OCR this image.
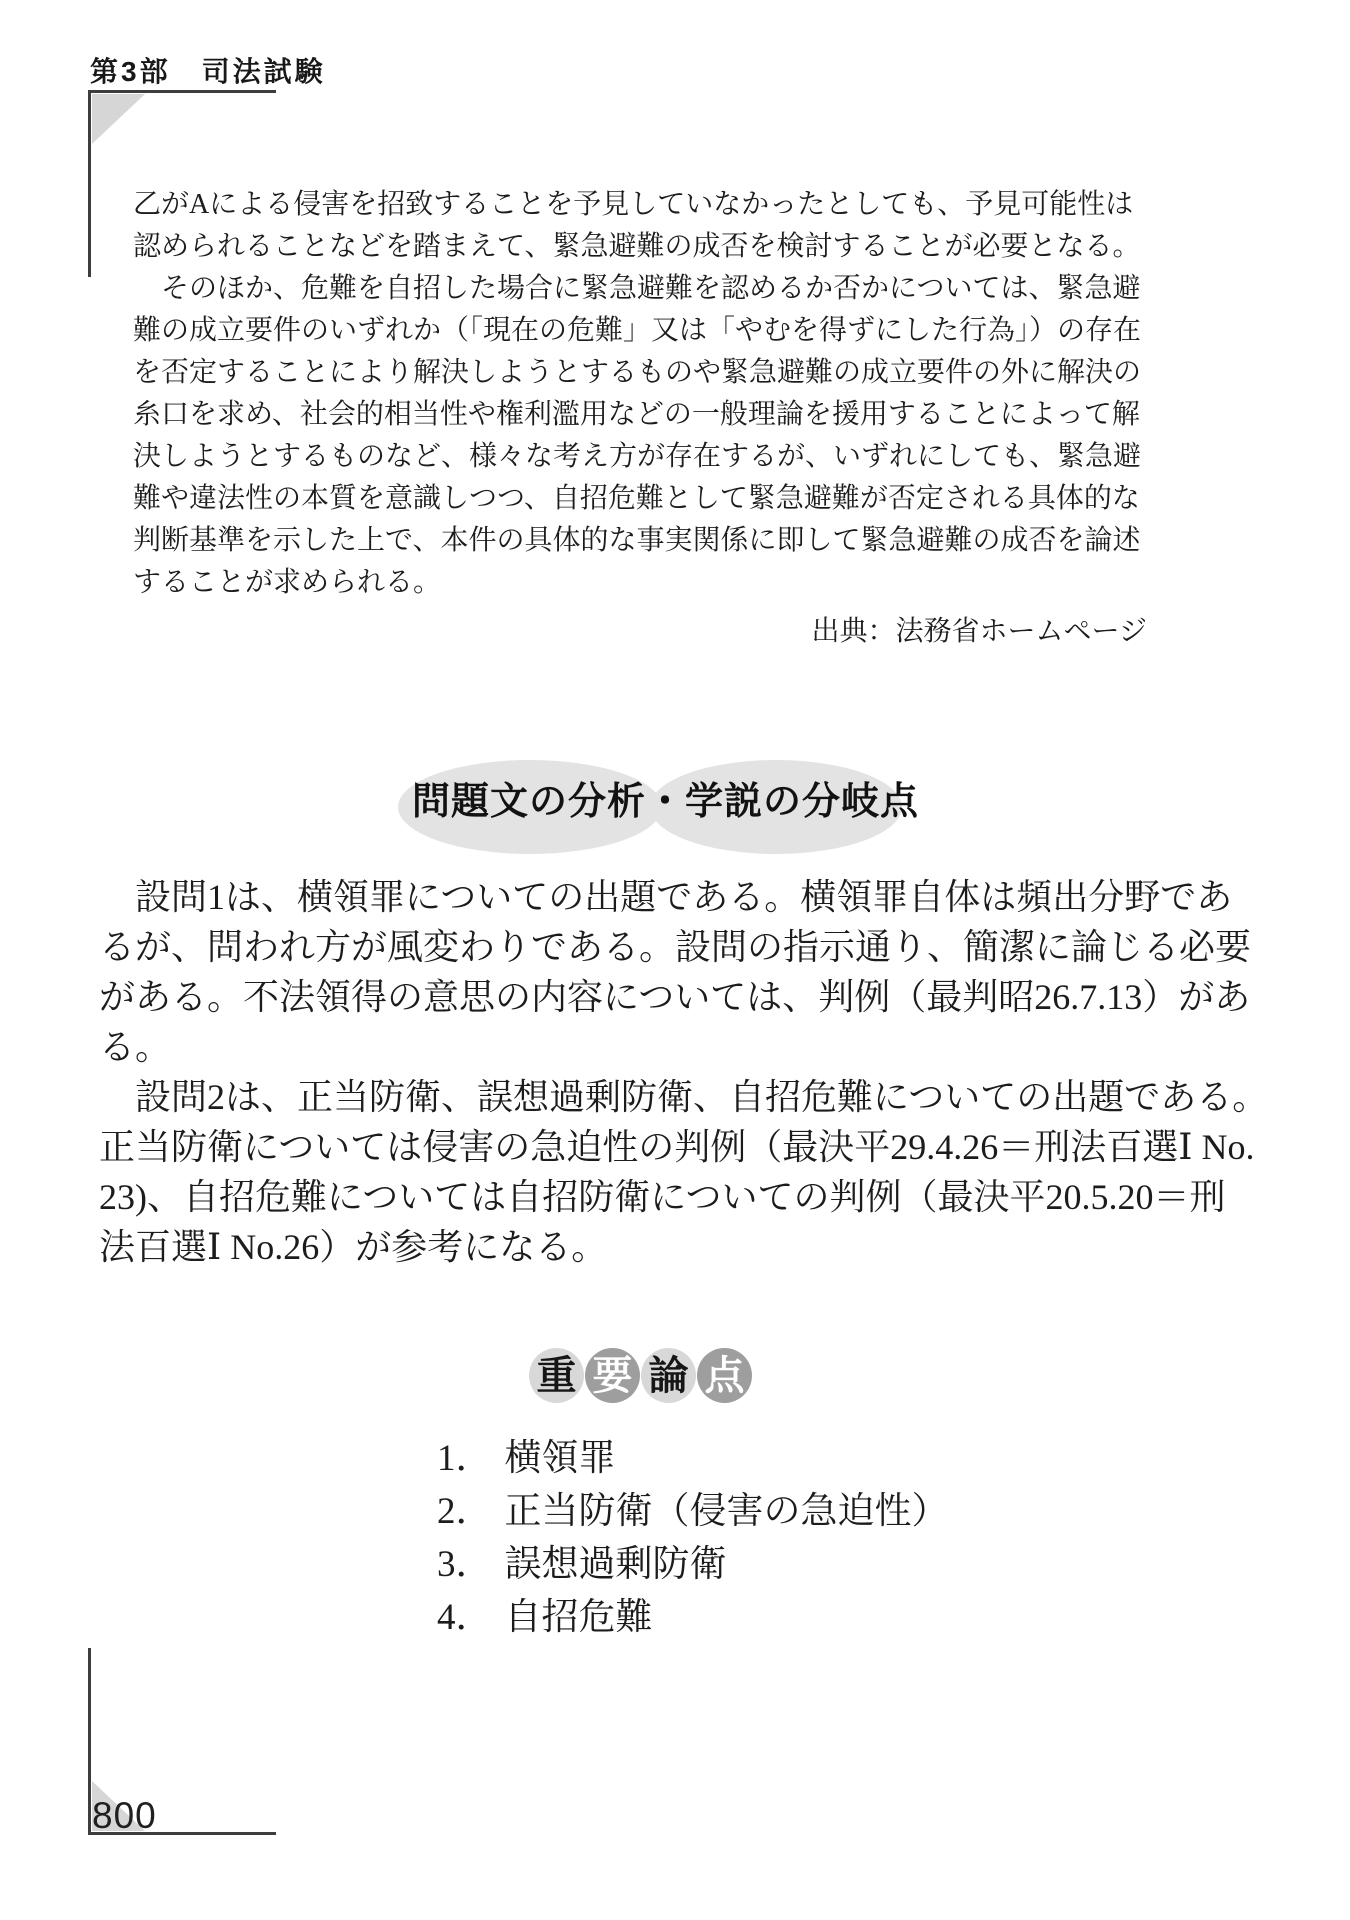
第3部　司法試験
乙がAによる侵害を招致することを予見していなかったとしても、予見可能性は
認められることなどを踏まえて、緊急避難の成否を検討することが必要となる。
　そのほか、危難を自招した場合に緊急避難を認めるか否かについては、緊急避
難の成立要件のいずれか（「現在の危難」又は「やむを得ずにした行為」）の存在
を否定することにより解決しようとするものや緊急避難の成立要件の外に解決の
糸口を求め、社会的相当性や権利濫用などの一般理論を援用することによって解
決しようとするものなど、様々な考え方が存在するが、いずれにしても、緊急避
難や違法性の本質を意識しつつ、自招危難として緊急避難が否定される具体的な
判断基準を示した上で、本件の具体的な事実関係に即して緊急避難の成否を論述
することが求められる。
出典：法務省ホームページ
問題文の分析・学説の分岐点
　設問1は、横領罪についての出題である。横領罪自体は頻出分野であ
るが、問われ方が風変わりである。設問の指示通り、簡潔に論じる必要
がある。不法領得の意思の内容については、判例（最判昭26.7.13）があ
る。
　設問2は、正当防衛、誤想過剰防衛、自招危難についての出題である。
正当防衛については侵害の急迫性の判例（最決平29.4.26＝刑法百選Ⅰ No.
23)、自招危難については自招防衛についての判例（最決平20.5.20＝刑
法百選Ⅰ No.26）が参考になる。
重 要 論 点
1． 横領罪
2． 正当防衛（侵害の急迫性）
3． 誤想過剰防衛
4． 自招危難
800
